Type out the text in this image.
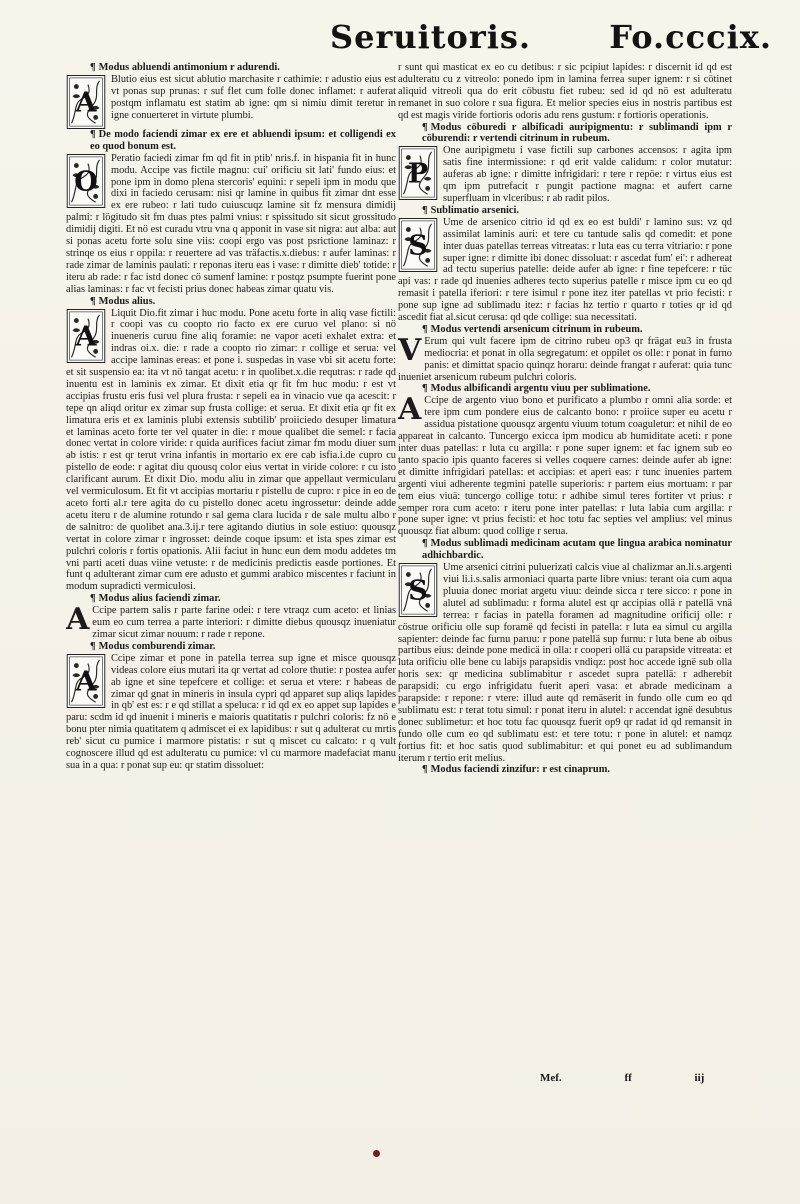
Seruitoris. Fo.cccix.
¶ Modus abluendi antimonium r adurendi.
A
Blutio eius est sicut ablutio marchasite r cathimie: r adustio eius est vt ponas sup prunas: r suf flet cum folle donec inflamet: r auferat postqm inflamatu est statim ab igne: qm si nimiu dimit teretur in igne conuerteret in virtute plumbi.
¶ De modo faciendi zimar ex ere et abluendi ipsum: et colligendi ex eo quod bonum est.
O
Peratio faciedi zimar fm qd fit in ptib' nris.f. in hispania fit in hunc modu. Accipe vas fictile magnu: cui' orificiu sit lati' fundo eius: et pone ipm in domo plena stercoris' equini: r sepeli ipm in modu que dixi in faciedo cerusam: nisi qr lamine in quibus fit zimar dnt esse ex ere rubeo: r lati tudo cuiuscuqz lamine sit fz mensura dimidij palmi: r lögitudo sit fm duas ptes palmi vnius: r spissitudo sit sicut grossitudo dimidij digiti. Et nö est curadu vtru vna q apponit in vase sit nigra: aut alba: aut si ponas acetu forte solu sine viis: coopi ergo vas post psrictione laminaz: r strinqe os eius r oppila: r reuertere ad vas träfactis.x.diebus: r aufer laminas: r rade zimar de laminis paulati: r reponas iteru eas i vase: r dimitte dieb' totide: r iteru ab rade: r fac istd donec cö sumenf lamine: r postqz psumpte fuerint pone alias laminas: r fac vt fecisti prius donec habeas zimar quatu vis.
¶ Modus alius.
A
Liquit Dio.fit zimar i huc modu. Pone acetu forte in aliq vase fictili: r coopi vas cu coopto rio facto ex ere curuo vel plano: si nö inueneris curuu fine aliq foramie: ne vapor aceti exhalet extra: et indras oi.x. die: r rade a coopto rio zimar: r collige et serua: vel accipe laminas ereas: et pone i. suspedas in vase vbi sit acetu forte: et sit suspensio ea: ita vt nö tangat acetu: r in quolibet.x.die requtras: r rade qd inuentu est in laminis ex zimar. Et dixit etia qr fit fm huc modu: r est vt accipias frustu eris fusi vel plura frusta: r sepeli ea in vinacio vue qa acescit: r tepe qn aliqd oritur ex zimar sup frusta collige: et serua. Et dixit etia qr fit ex limatura eris et ex laminis plubi extensis subtilib' proiiciedo desuper limatura et laminas aceto forte ter vel quater in die: r moue qualibet die semel: r facia donec vertat in colore viride: r quida aurifices faciut zimar fm modu diuer sum ab istis: r est qr terut vrina infantis in mortario ex ere cab isfia.i.de cupro cu pistello de eode: r agitat diu quousq color eius vertat in viride colore: r cu isto clarificant aurum. Et dixit Dio. modu aliu in zimar que appellaut vermicularu vel vermiculosum. Et fit vt accipias mortariu r pistellu de cupro: r pice in eo de aceto forti al.r tere agita do cu pistello donec acetu ingrossetur: deinde adde acetu iteru r de alumine rotundo r sal gema clara lucida r de sale multu albo r de salnitro: de quolibet ana.3.ij.r tere agitando diutius in sole estiuo: quousqz vertat in colore zimar r ingrosset: deinde coque ipsum: et ista spes zimar est pulchri coloris r fortis opationis. Alii faciut in hunc eun dem modu addetes tm vni parti aceti duas viine vetuste: r de medicinis predictis easde portiones. Et funt q adulterant zimar cum ere adusto et gummi arabico miscentes r faciunt in modum supradicti vermiculosi.
¶ Modus alius faciendi zimar.
A Ccipe partem salis r parte farine odei: r tere vtraqz cum aceto: et linias eum eo cum terrea a parte interiori: r dimitte diebus quousqz inueniatur zimar sicut zimar nouum: r rade r repone.
¶ Modus comburendi zimar.
A
Ccipe zimar et pone in patella terrea sup igne et misce quousqz videas colore eius mutari ita qr vertat ad colore thutie: r postea aufer ab igne et sine tepefcere et collige: et serua et vtere: r habeas de zimar qd gnat in mineris in insula cypri qd apparet sup aliqs lapides in qb' est es: r e qd stillat a speluca: r id qd ex eo appet sup lapides e paru: scdm id qd inuenit i mineris e maioris quatitatis r pulchri coloris: fz nö e bonu pter nimia quatitatem q admiscet ei ex lapidibus: r sut q adulterat cu mrtis reb' sicut cu pumice i marmore pistatis: r sut q miscet cu calcato: r q vult cognoscere illud qd est adulteratu cu pumice: vl cu marmore madefaciat manu sua in a qua: r ponat sup eu: qr statim dissoluet:
r sunt qui masticat ex eo cu detibus: r sic pcipiut lapides: r discernit id qd est adulteratu cu z vitreolo: ponedo ipm in lamina ferrea super ignem: r si cötinet aliquid vitreoli qua do erit cöbustu fiet rubeu: sed id qd nö est adulteratu remanet in suo colore r sua figura. Et melior species eius in nostris partibus est qd est magis viride fortioris odoris adu rens gustum: r fortioris operationis.
¶ Modus cöburedi r albificadi auripigmentu: r sublimandi ipm r cöburendi: r vertendi citrinum in rubeum.
P
One auripigmetu i vase fictili sup carbones accensos: r agita ipm satis fine intermissione: r qd erit valde calidum: r color mutatur: auferas ab igne: r dimitte infrigidari: r tere r repöe: r virtus eius est qm ipm putrefacit r pungit pactione magna: et aufert carne superfluam in vlceribus: r ab radit pilos.
¶ Sublimatio arsenici.
S
Ume de arsenico citrio id qd ex eo est buldi' r lamino sus: vz qd assimilat laminis auri: et tere cu tantude salis qd comedit: et pone inter duas patellas terreas vitreatas: r luta eas cu terra vitriario: r pone super igne: r dimitte ibi donec dissoluat: r ascedat fum' ei': r adhereat ad tectu superius patelle: deide aufer ab igne: r fine tepefcere: r tüc api vas: r rade qd inuenies adheres tecto superius patelle r misce ipm cu eo qd remasit i patella iferiori: r tere isimul r pone itez iter patellas vt prio fecisti: r pone sup igne ad sublimadu itez: r facias hz tertio r quarto r toties qr id qd ascedit fiat al.sicut cerusa: qd qde collige: sua necessitati.
¶ Modus vertendi arsenicum citrinum in rubeum.
V Erum qui vult facere ipm de citrino rubeu op3 qr frägat eu3 in frusta mediocria: et ponat in olla segregatum: et oppilet os olle: r ponat in furno panis: et dimittat spacio quinqz horaru: deinde frangat r auferat: quia tunc inueniet arsenicum rubeum pulchri coloris.
¶ Modus albificandi argentu viuu per sublimatione.
A Ccipe de argento viuo bono et purificato a plumbo r omni alia sorde: et tere ipm cum pondere eius de calcanto bono: r proiice super eu acetu r assidua pistatione quousqz argentu viuum totum coaguletur: et nihil de eo appareat in calcanto. Tuncergo exicca ipm modicu ab humiditate aceti: r pone inter duas patellas: r luta cu argilla: r pone super ignem: et fac ignem sub eo tanto spacio ipis quanto faceres si velles coquere carnes: deinde aufer ab igne: et dimitte infrigidari patellas: et accipias: et aperi eas: r tunc inuenies partem argenti viui adherente tegmini patelle superioris: r partem eius mortuam: r par tem eius viuä: tuncergo collige totu: r adhibe simul teres fortiter vt prius: r semper rora cum aceto: r iteru pone inter patellas: r luta labia cum argilla: r pone super igne: vt prius fecisti: et hoc totu fac septies vel amplius: vel minus quousqz fiat album: quod collige r serua.
¶ Modus sublimadi medicinam acutam que lingua arabica nominatur adhichbardic.
S
Ume arsenici citrini puluerizati calcis viue al chalizmar an.li.s.argenti viui li.i.s.salis armoniaci quarta parte libre vnius: terant oia cum aqua pluuia donec moriat argetu viuu: deinde sicca r tere sicco: r pone in alutel ad sublimadu: r forma alutel est qr accipias ollä r patellä vnä terrea: r facias in patella foramen ad magnitudine orificij olle: r cöstrue orificiu olle sup foramë qd fecisti in patella: r luta ea simul cu argilla sapienter: deinde fac furnu paruu: r pone patellä sup furnu: r luta bene ab oibus partibus eius: deinde pone medicä in olla: r cooperi ollä cu parapside vitreata: et luta orificiu olle bene cu labijs parapsidis vndiqz: post hoc accede ignë sub olla horis sex: qr medicina sublimabitur r ascedet supra patellä: r adherebit parapsidi: cu ergo infrigidatu fuerit aperi vasa: et abrade medicinam a parapside: r repone: r vtere: illud aute qd remäserit in fundo olle cum eo qd sublimatu est: r terat totu simul: r ponat iteru in alutel: r accendat ignë desubtus donec sublimetur: et hoc totu fac quousqz fuerit op9 qr radat id qd remansit in fundo olle cum eo qd sublimatu est: et tere totu: r pone in alutel: et namqz fortius fit: et hoc satis quod sublimabitur: et qui ponet eu ad sublimandum iterum r tertio erit melius.
¶ Modus faciendi zinzifur: r est cinaprum.
Mef.	ff iij
